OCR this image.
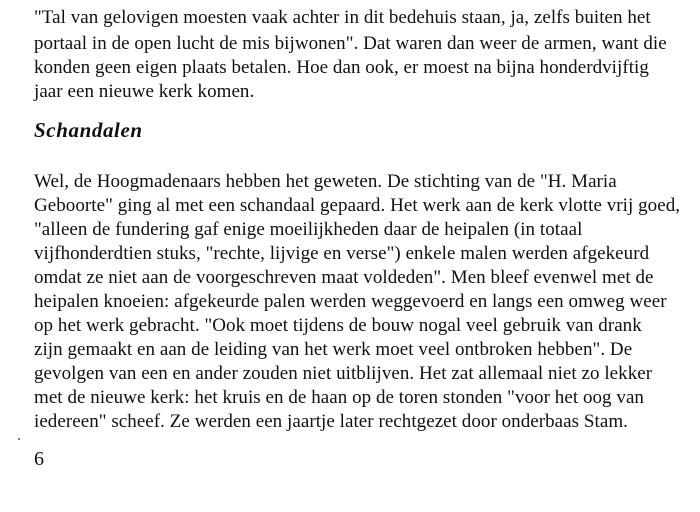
"Tal van gelovigen moesten vaak achter in dit bedehuis staan, ja, zelfs buiten het
portaal in de open lucht de mis bijwonen". Dat waren dan weer de armen, want die
konden geen eigen plaats betalen. Hoe dan ook, er moest na bijna honderdvijftig
jaar een nieuwe kerk komen.
Schandalen
Wel, de Hoogmadenaars hebben het geweten. De stichting van de "H. Maria
Geboorte" ging al met een schandaal gepaard. Het werk aan de kerk vlotte vrij goed,
"alleen de fundering gaf enige moeilijkheden daar de heipalen (in totaal
vijfhonderdtien stuks, "rechte, lijvige en verse") enkele malen werden afgekeurd
omdat ze niet aan de voorgeschreven maat voldeden". Men bleef evenwel met de
heipalen knoeien: afgekeurde palen werden weggevoerd en langs een omweg weer
op het werk gebracht. "Ook moet tijdens de bouw nogal veel gebruik van drank
zijn gemaakt en aan de leiding van het werk moet veel ontbroken hebben". De
gevolgen van een en ander zouden niet uitblijven. Het zat allemaal niet zo lekker
met de nieuwe kerk: het kruis en de haan op de toren stonden "voor het oog van
iedereen" scheef. Ze werden een jaartje later rechtgezet door onderbaas Stam.
6
